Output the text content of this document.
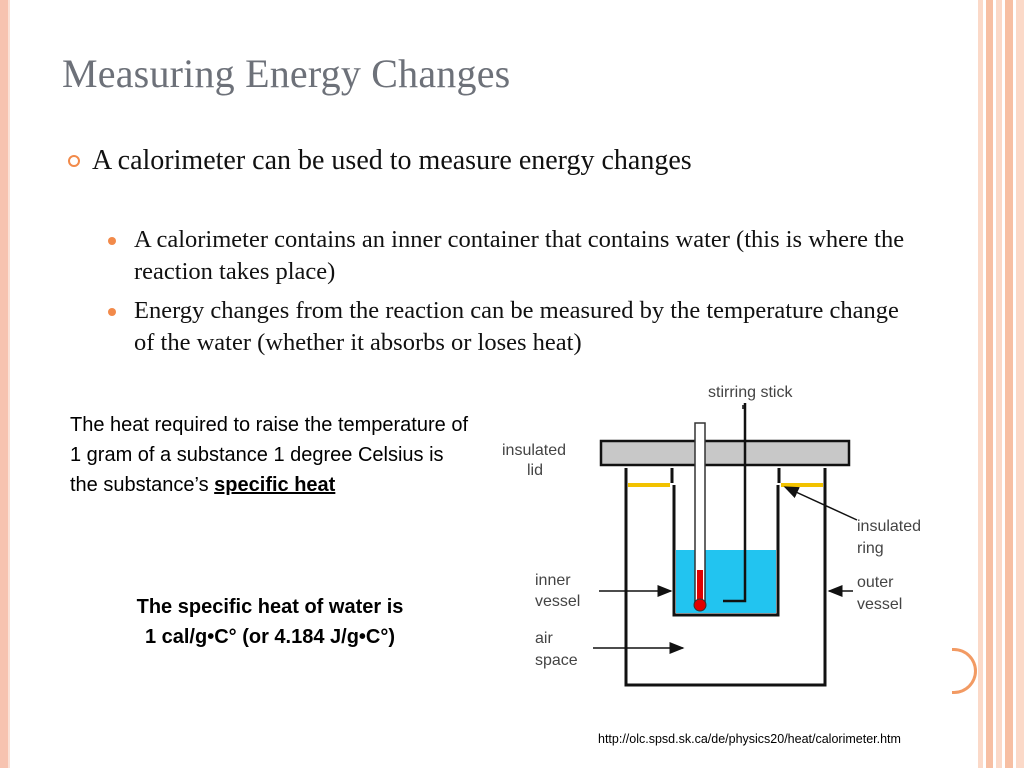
Measuring Energy Changes
A calorimeter can be used to measure energy changes
A calorimeter contains an inner container that contains water (this is where the reaction takes place)
Energy changes from the reaction can be measured by the temperature change of the water (whether it absorbs or loses heat)
The heat required to raise the temperature of 1 gram of a substance 1 degree Celsius is the substance’s specific heat
The specific heat of water is
1 cal/g•C° (or 4.184 J/g•C°)
stirring stick
insulated
lid
insulated
ring
inner
vessel
outer
vessel
air
space
http://olc.spsd.sk.ca/de/physics20/heat/calorimeter.htm
